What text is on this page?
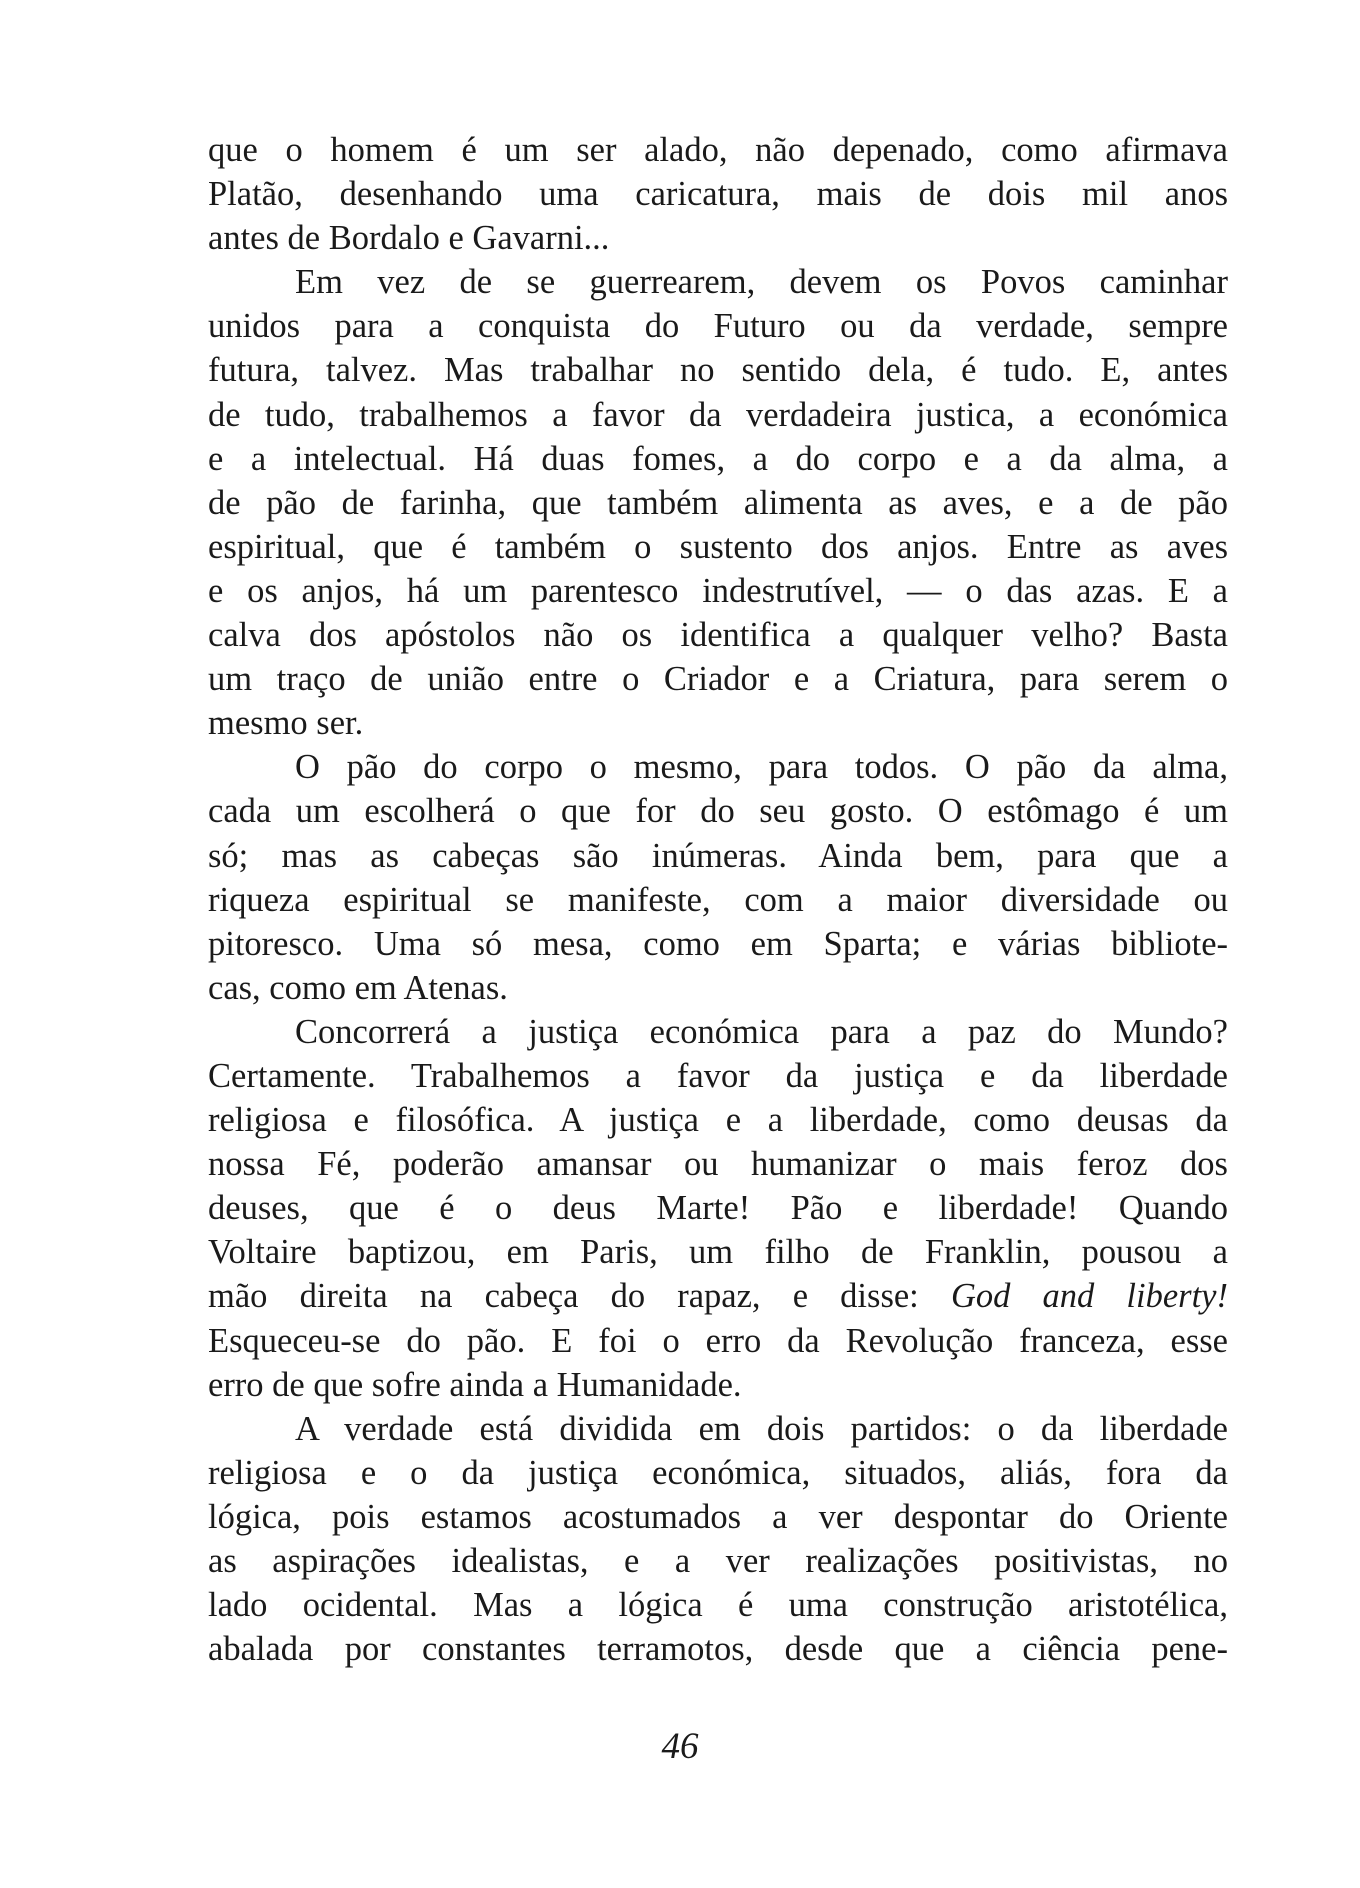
que o homem é um ser alado, não depenado, como afirmava
Platão, desenhando uma caricatura, mais de dois mil anos
antes de Bordalo e Gavarni...
Em vez de se guerrearem, devem os Povos caminhar
unidos para a conquista do Futuro ou da verdade, sempre
futura, talvez. Mas trabalhar no sentido dela, é tudo. E, antes
de tudo, trabalhemos a favor da verdadeira justica, a económica
e a intelectual. Há duas fomes, a do corpo e a da alma, a
de pão de farinha, que também alimenta as aves, e a de pão
espiritual, que é também o sustento dos anjos. Entre as aves
e os anjos, há um parentesco indestrutível, — o das azas. E a
calva dos apóstolos não os identifica a qualquer velho? Basta
um traço de união entre o Criador e a Criatura, para serem o
mesmo ser.
O pão do corpo o mesmo, para todos. O pão da alma,
cada um escolherá o que for do seu gosto. O estômago é um
só; mas as cabeças são inúmeras. Ainda bem, para que a
riqueza espiritual se manifeste, com a maior diversidade ou
pitoresco. Uma só mesa, como em Sparta; e várias bibliote-
cas, como em Atenas.
Concorrerá a justiça económica para a paz do Mundo?
Certamente. Trabalhemos a favor da justiça e da liberdade
religiosa e filosófica. A justiça e a liberdade, como deusas da
nossa Fé, poderão amansar ou humanizar o mais feroz dos
deuses, que é o deus Marte! Pão e liberdade! Quando
Voltaire baptizou, em Paris, um filho de Franklin, pousou a
mão direita na cabeça do rapaz, e disse: God and liberty!
Esqueceu-se do pão. E foi o erro da Revolução franceza, esse
erro de que sofre ainda a Humanidade.
A verdade está dividida em dois partidos: o da liberdade
religiosa e o da justiça económica, situados, aliás, fora da
lógica, pois estamos acostumados a ver despontar do Oriente
as aspirações idealistas, e a ver realizações positivistas, no
lado ocidental. Mas a lógica é uma construção aristotélica,
abalada por constantes terramotos, desde que a ciência pene-
46
